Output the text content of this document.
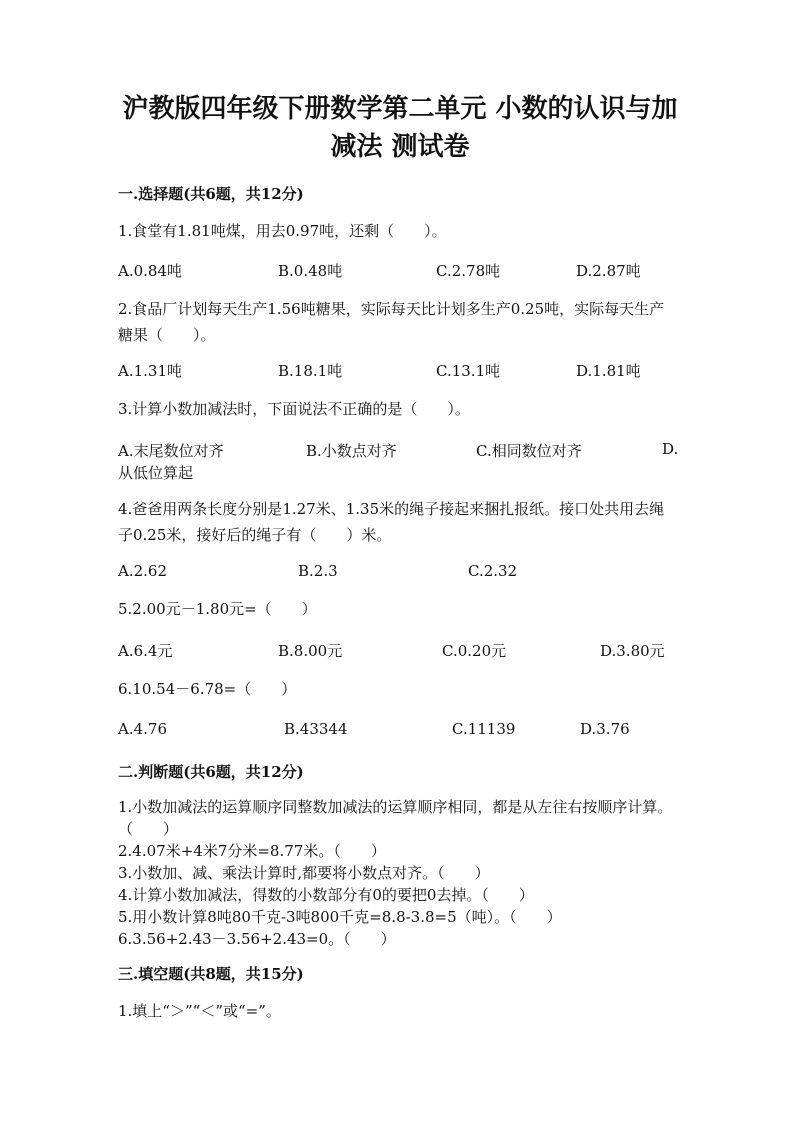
沪教版四年级下册数学第二单元 小数的认识与加减法 测试卷
一.选择题(共6题，共12分)
1.食堂有1.81吨煤，用去0.97吨，还剩（　　）。
A.0.84吨	B.0.48吨	C.2.78吨	D.2.87吨
2.食品厂计划每天生产1.56吨糖果，实际每天比计划多生产0.25吨，实际每天生产糖果（　　）。
A.1.31吨	B.18.1吨	C.13.1吨	D.1.81吨
3.计算小数加减法时，下面说法不正确的是（　　）。
A.末尾数位对齐	B.小数点对齐	C.相同数位对齐	D.
从低位算起
4.爸爸用两条长度分别是1.27米、1.35米的绳子接起来捆扎报纸。接口处共用去绳子0.25米，接好后的绳子有（　　）米。
A.2.62	B.2.3	C.2.32
5.2.00元－1.80元=（　　）
A.6.4元	B.8.00元	C.0.20元	D.3.80元
6.10.54－6.78=（　　）
A.4.76	B.43344	C.11139	D.3.76
二.判断题(共6题，共12分)
1.小数加减法的运算顺序同整数加减法的运算顺序相同，都是从左往右按顺序计算。（　　）
2.4.07米+4米7分米=8.77米。（　　）
3.小数加、减、乘法计算时,都要将小数点对齐。（　　）
4.计算小数加减法，得数的小数部分有0的要把0去掉。（　　）
5.用小数计算8吨80千克-3吨800千克=8.8-3.8=5（吨）。（　　）
6.3.56+2.43－3.56+2.43=0。（　　）
三.填空题(共8题，共15分)
1.填上“＞”“＜”或“=”。
